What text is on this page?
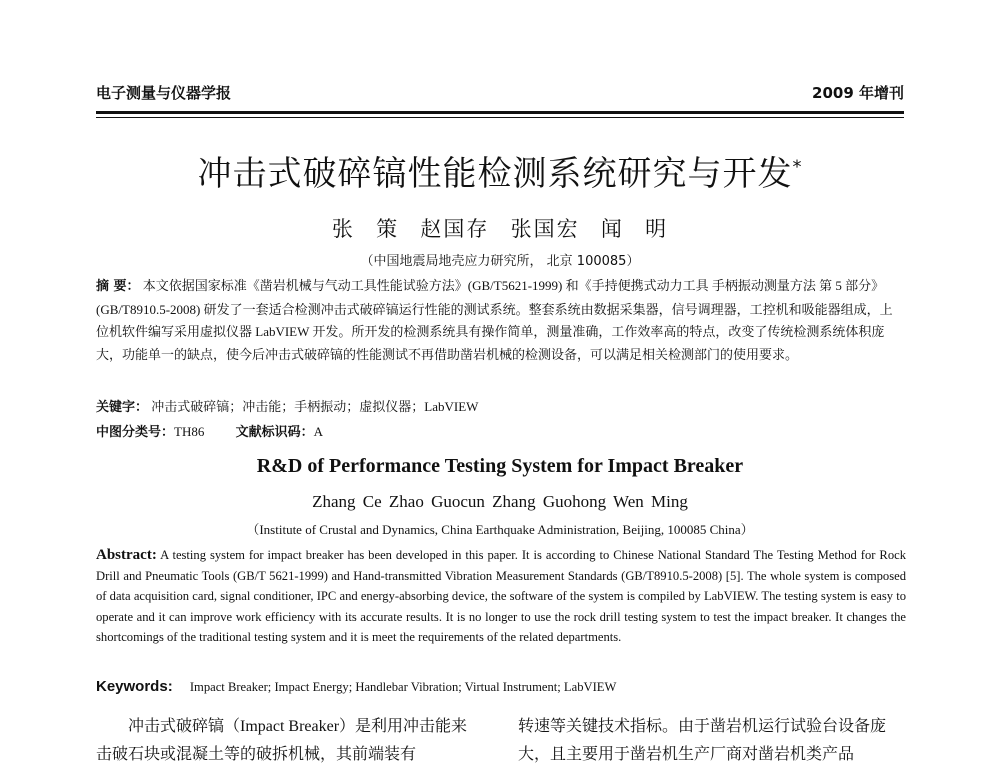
电子测量与仪器学报	2009 年增刊
冲击式破碎镐性能检测系统研究与开发*
张 策 赵国存 张国宏 闻 明
（中国地震局地壳应力研究所， 北京 100085）
摘 要： 本文依据国家标准《凿岩机械与气动工具性能试验方法》(GB/T5621-1999) 和《手持便携式动力工具 手柄振动测量方法 第 5 部分》(GB/T8910.5-2008) 研发了一套适合检测冲击式破碎镐运行性能的测试系统。整套系统由数据采集器，信号调理器，工控机和吸能器组成，上位机软件编写采用虚拟仪器 LabVIEW 开发。所开发的检测系统具有操作简单，测量准确，工作效率高的特点，改变了传统检测系统体积庞大，功能单一的缺点，使今后冲击式破碎镐的性能测试不再借助凿岩机械的检测设备，可以满足相关检测部门的使用要求。
关键字： 冲击式破碎镐；冲击能；手柄振动；虚拟仪器；LabVIEW
中图分类号：TH86 文献标识码：A
R&D of Performance Testing System for Impact Breaker
Zhang Ce Zhao Guocun Zhang Guohong Wen Ming
（Institute of Crustal and Dynamics, China Earthquake Administration, Beijing, 100085 China）
Abstract: A testing system for impact breaker has been developed in this paper. It is according to Chinese National Standard The Testing Method for Rock Drill and Pneumatic Tools (GB/T 5621-1999) and Hand-transmitted Vibration Measurement Standards (GB/T8910.5-2008) [5]. The whole system is composed of data acquisition card, signal conditioner, IPC and energy-absorbing device, the software of the system is compiled by LabVIEW. The testing system is easy to operate and it can improve work efficiency with its accurate results. It is no longer to use the rock drill testing system to test the impact breaker. It changes the shortcomings of the traditional testing system and it is meet the requirements of the related departments.
Keywords: Impact Breaker; Impact Energy; Handlebar Vibration; Virtual Instrument; LabVIEW
冲击式破碎镐（Impact Breaker）是利用冲击能来击破石块或混凝土等的破拆机械，其前端装有
转速等关键技术指标。由于凿岩机运行试验台设备庞大，且主要用于凿岩机生产厂商对凿岩机类产品
